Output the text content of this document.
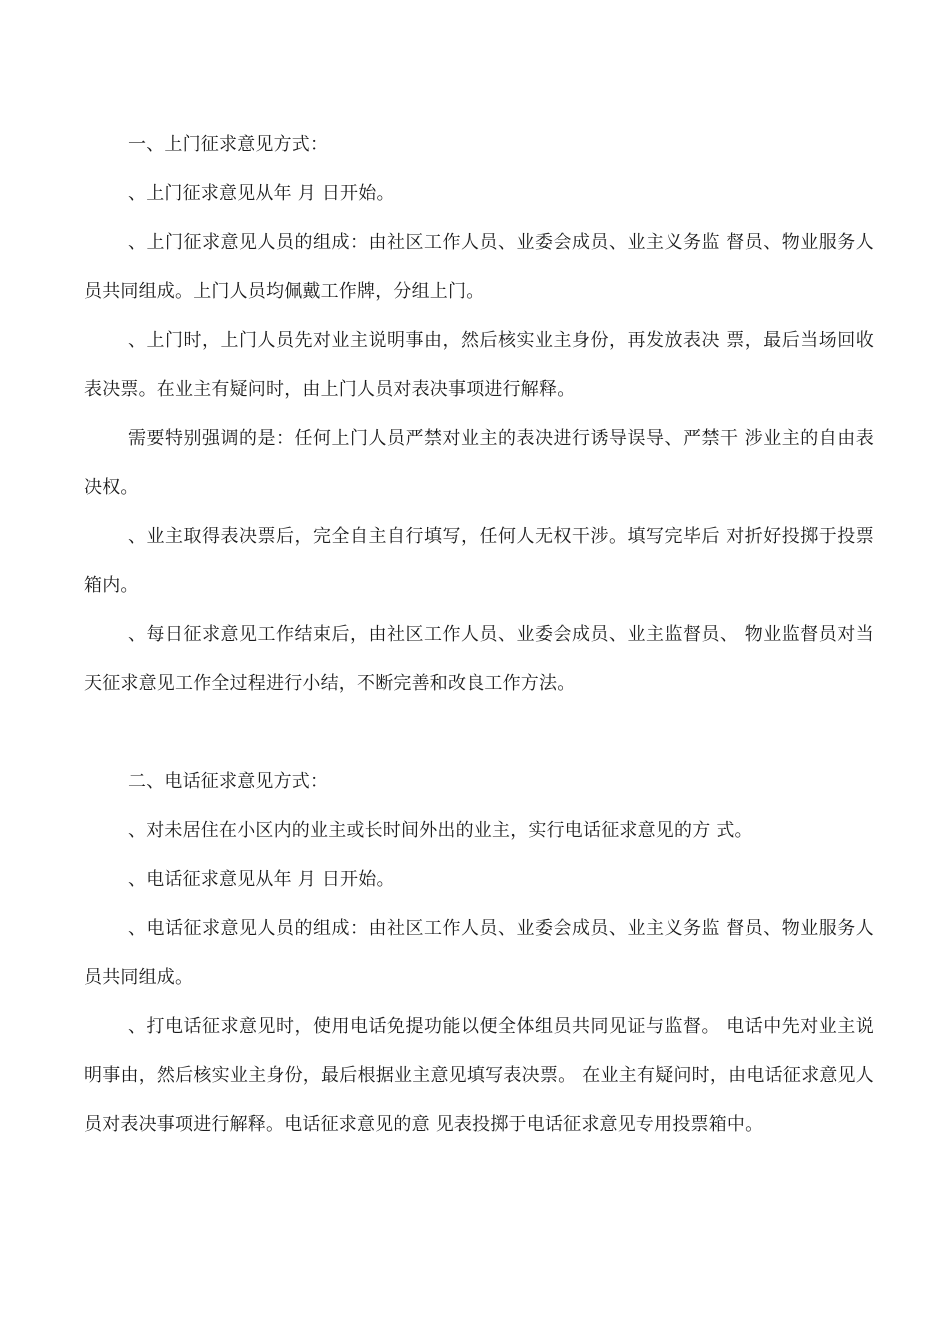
一、上门征求意见方式：

、上门征求意见从年 月 日开始。

、上门征求意见人员的组成：由社区工作人员、业委会成员、业主义务监 督员、物业服务人员共同组成。上门人员均佩戴工作牌，分组上门。

、上门时，上门人员先对业主说明事由，然后核实业主身份，再发放表决 票，最后当场回收表决票。在业主有疑问时，由上门人员对表决事项进行解释。

需要特别强调的是：任何上门人员严禁对业主的表决进行诱导误导、严禁干 涉业主的自由表决权。

、业主取得表决票后，完全自主自行填写，任何人无权干涉。填写完毕后 对折好投掷于投票箱内。

、每日征求意见工作结束后，由社区工作人员、业委会成员、业主监督员、 物业监督员对当天征求意见工作全过程进行小结，不断完善和改良工作方法。

二、电话征求意见方式：

、对未居住在小区内的业主或长时间外出的业主，实行电话征求意见的方 式。

、电话征求意见从年 月 日开始。

、电话征求意见人员的组成：由社区工作人员、业委会成员、业主义务监 督员、物业服务人员共同组成。

、打电话征求意见时，使用电话免提功能以便全体组员共同见证与监督。 电话中先对业主说明事由，然后核实业主身份，最后根据业主意见填写表决票。 在业主有疑问时，由电话征求意见人员对表决事项进行解释。电话征求意见的意 见表投掷于电话征求意见专用投票箱中。
